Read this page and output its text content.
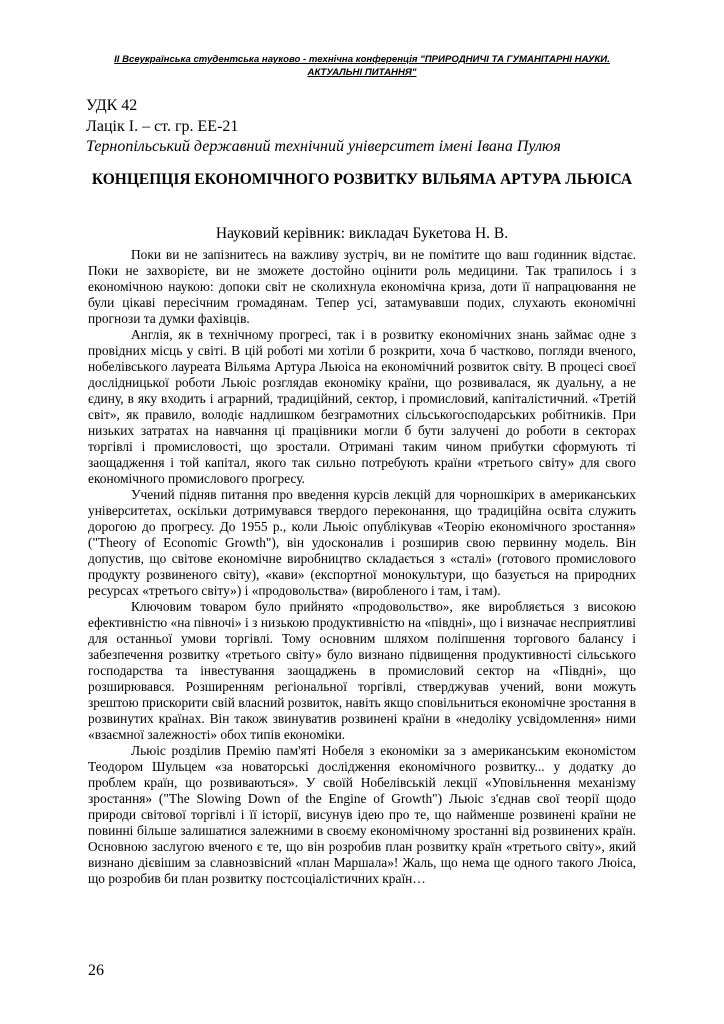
ІІ Всеукраїнська студентська науково - технічна конференція "ПРИРОДНИЧІ ТА ГУМАНІТАРНІ НАУКИ.
АКТУАЛЬНІ ПИТАННЯ"
УДК 42
Лацік І. – ст. гр. ЕЕ-21
Тернопільський державний технічний університет імені Івана Пулюя
КОНЦЕПЦІЯ ЕКОНОМІЧНОГО РОЗВИТКУ ВІЛЬЯМА АРТУРА ЛЬЮІСА
Науковий керівник: викладач Букетова Н. В.

Поки ви не запізнитесь на важливу зустріч, ви не помітите що ваш годинник відстає. Поки не захворієте, ви не зможете достойно оцінити роль медицини. Так трапилось і з економічною наукою: допоки світ не сколихнула економічна криза, доти її напрацювання не були цікаві пересічним громадянам. Тепер усі, затамувавши подих, слухають економічні прогнози та думки фахівців.

Англія, як в технічному прогресі, так і в розвитку економічних знань займає одне з провідних місць у світі. В цій роботі ми хотіли б розкрити, хоча б частково, погляди вченого, нобелівського лауреата Вільяма Артура Льюіса на економічний розвиток світу. В процесі своєї дослідницької роботи Льюіс розглядав економіку країни, що розвивалася, як дуальну, а не єдину, в яку входить і аграрний, традиційний, сектор, і промисловий, капіталістичний. «Третій світ», як правило, володіє надлишком безграмотних сільськогосподарських робітників. При низьких затратах на навчання ці працівники могли б бути залучені до роботи в секторах торгівлі і промисловості, що зростали. Отримані таким чином прибутки сформують ті заощадження і той капітал, якого так сильно потребують країни «третього світу» для свого економічного промислового прогресу.

Учений підняв питання про введення курсів лекцій для чорношкірих в американських університетах, оскільки дотримувався твердого переконання, що традиційна освіта служить дорогою до прогресу. До 1955 р., коли Льюіс опублікував «Теорію економічного зростання» ("Theory of Economic Growth"), він удосконалив і розширив свою первинну модель. Він допустив, що світове економічне виробництво складається з «сталі» (готового промислового продукту розвиненого світу), «кави» (експортної монокультури, що базується на природних ресурсах «третього світу») і «продовольства» (виробленого і там, і там).

Ключовим товаром було прийнято «продовольство», яке виробляється з високою ефективністю «на півночі» і з низькою продуктивністю на «півдні», що і визначає несприятливі для останньої умови торгівлі. Тому основним шляхом поліпшення торгового балансу і забезпечення розвитку «третього світу» було визнано підвищення продуктивності сільського господарства та інвестування заощаджень в промисловий сектор на «Півдні», що розширювався. Розширенням регіональної торгівлі, стверджував учений, вони можуть зрештою прискорити свій власний розвиток, навіть якщо сповільниться економічне зростання в розвинутих країнах. Він також звинуватив розвинені країни в «недоліку усвідомлення» ними «взаємної залежності» обох типів економіки.

Льюіс розділив Премію пам'яті Нобеля з економіки за з американським економістом Теодором Шульцем «за новаторські дослідження економічного розвитку... у додатку до проблем країн, що розвиваються». У своїй Нобелівській лекції «Уповільнення механізму зростання» ("The Slowing Down of the Engine of Growth") Льюіс з'єднав свої теорії щодо природи світової торгівлі і її історії, висунув ідею про те, що найменше розвинені країни не повинні більше залишатися залежними в своєму економічному зростанні від розвинених країн. Основною заслугою вченого є те, що він розробив план розвитку країн «третього світу», який визнано дієвішим за славнозвісний «план Маршала»! Жаль, що нема ще одного такого Люіса, що розробив би план розвитку постсоціалістичних країн…

26
